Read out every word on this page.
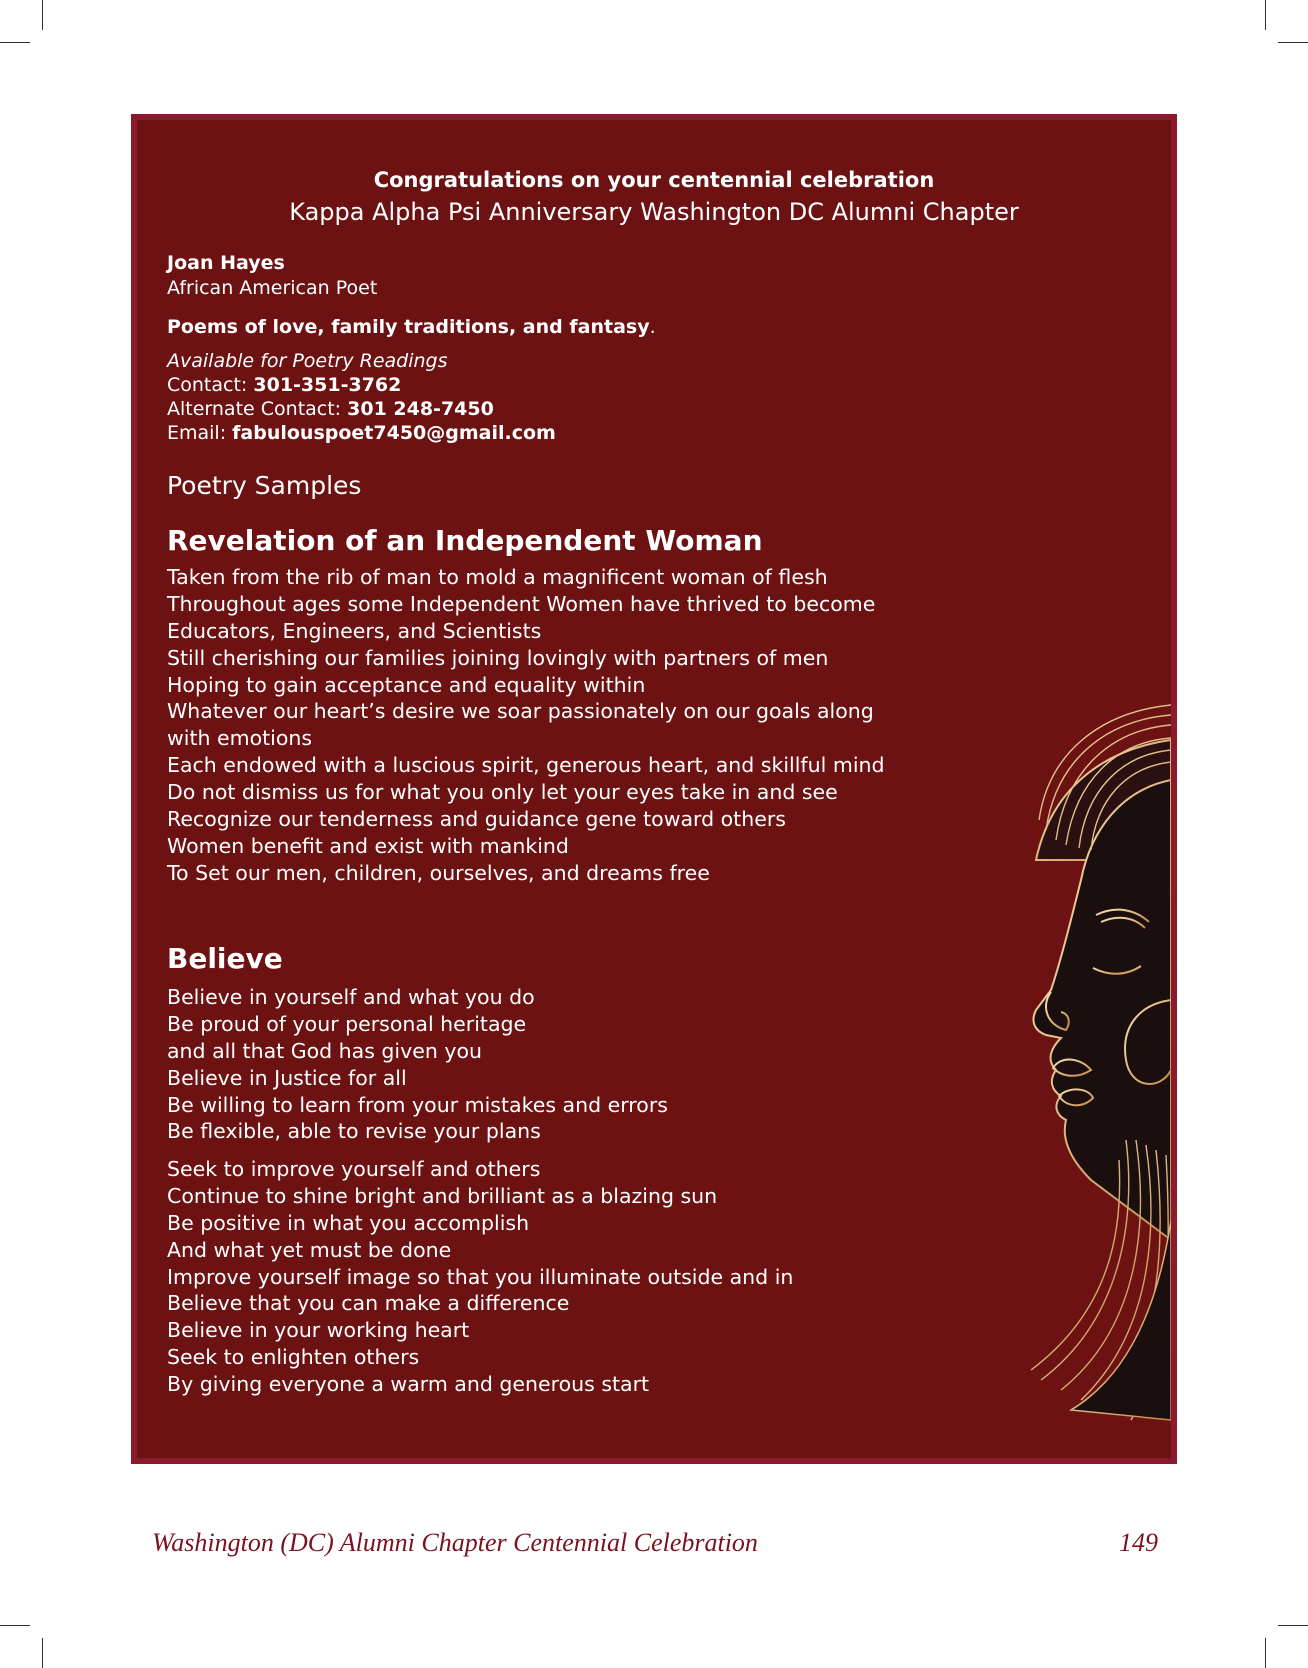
Congratulations on your centennial celebration

Kappa Alpha Psi Anniversary Washington DC Alumni Chapter

Joan Hayes

African American Poet

Poems of love, family traditions, and fantasy.

Available for Poetry Readings

Contact: 301-351-3762

Alternate Contact: 301 248-7450

Email: fabulouspoet7450@gmail.com

Poetry Samples

Revelation of an Independent Woman

Taken from the rib of man to mold a magnificent woman of flesh
Throughout ages some Independent Women have thrived to become
Educators, Engineers, and Scientists
Still cherishing our families joining lovingly with partners of men
Hoping to gain acceptance and equality within
Whatever our heart’s desire we soar passionately on our goals along
with emotions
Each endowed with a luscious spirit, generous heart, and skillful mind
Do not dismiss us for what you only let your eyes take in and see
Recognize our tenderness and guidance gene toward others
Women benefit and exist with mankind
To Set our men, children, ourselves, and dreams free

Believe

Believe in yourself and what you do
Be proud of your personal heritage
and all that God has given you
Believe in Justice for all
Be willing to learn from your mistakes and errors
Be flexible, able to revise your plans
Seek to improve yourself and others
Continue to shine bright and brilliant as a blazing sun
Be positive in what you accomplish
And what yet must be done
Improve yourself image so that you illuminate outside and in
Believe that you can make a difference
Believe in your working heart
Seek to enlighten others
By giving everyone a warm and generous start

Washington (DC) Alumni Chapter Centennial Celebration	149
